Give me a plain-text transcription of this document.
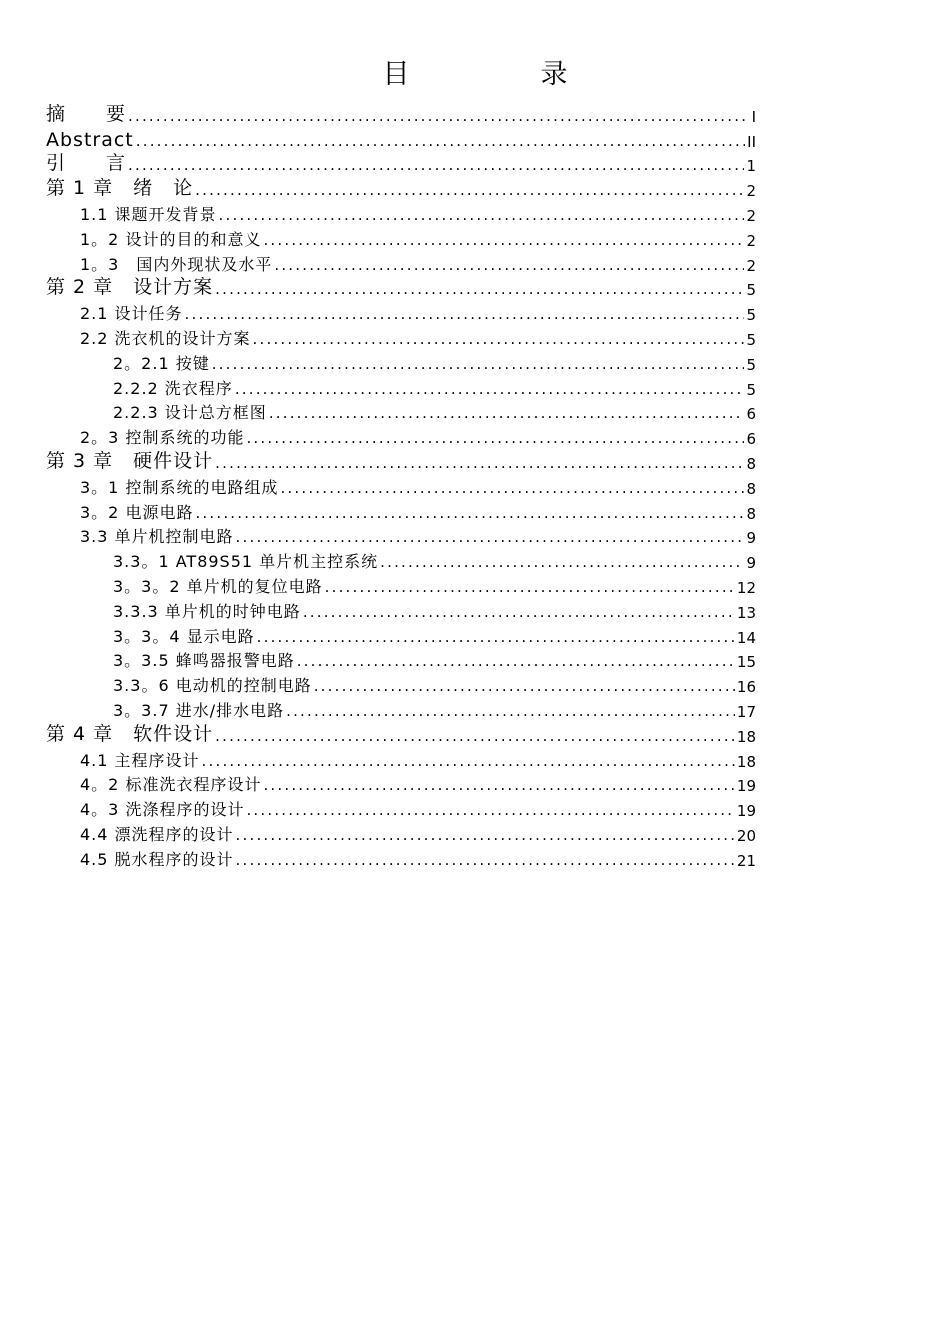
目　录
摘　　要 .....	I
Abstract .....	II
引　　言 .....	1
第 1 章　绪　论 .....	2
1.1 课题开发背景 .....	2
1。2 设计的目的和意义 .....	2
1。3　国内外现状及水平 .....	2
第 2 章　设计方案 .....	5
2.1 设计任务 .....	5
2.2 洗衣机的设计方案 .....	5
2。2.1 按键 .....	5
2.2.2 洗衣程序 .....	5
2.2.3 设计总方框图 .....	6
2。3 控制系统的功能 .....	6
第 3 章　硬件设计 .....	8
3。1 控制系统的电路组成 .....	8
3。2 电源电路 .....	8
3.3 单片机控制电路 .....	9
3.3。1 AT89S51 单片机主控系统 .....	9
3。3。2 单片机的复位电路 .....	12
3.3.3 单片机的时钟电路 .....	13
3。3。4 显示电路 .....	14
3。3.5 蜂鸣器报警电路 .....	15
3.3。6 电动机的控制电路 .....	16
3。3.7 进水/排水电路 .....	17
第 4 章　软件设计 .....	18
4.1 主程序设计 .....	18
4。2 标准洗衣程序设计 .....	19
4。3 洗涤程序的设计 .....	19
4.4 漂洗程序的设计 .....	20
4.5 脱水程序的设计 .....	21
